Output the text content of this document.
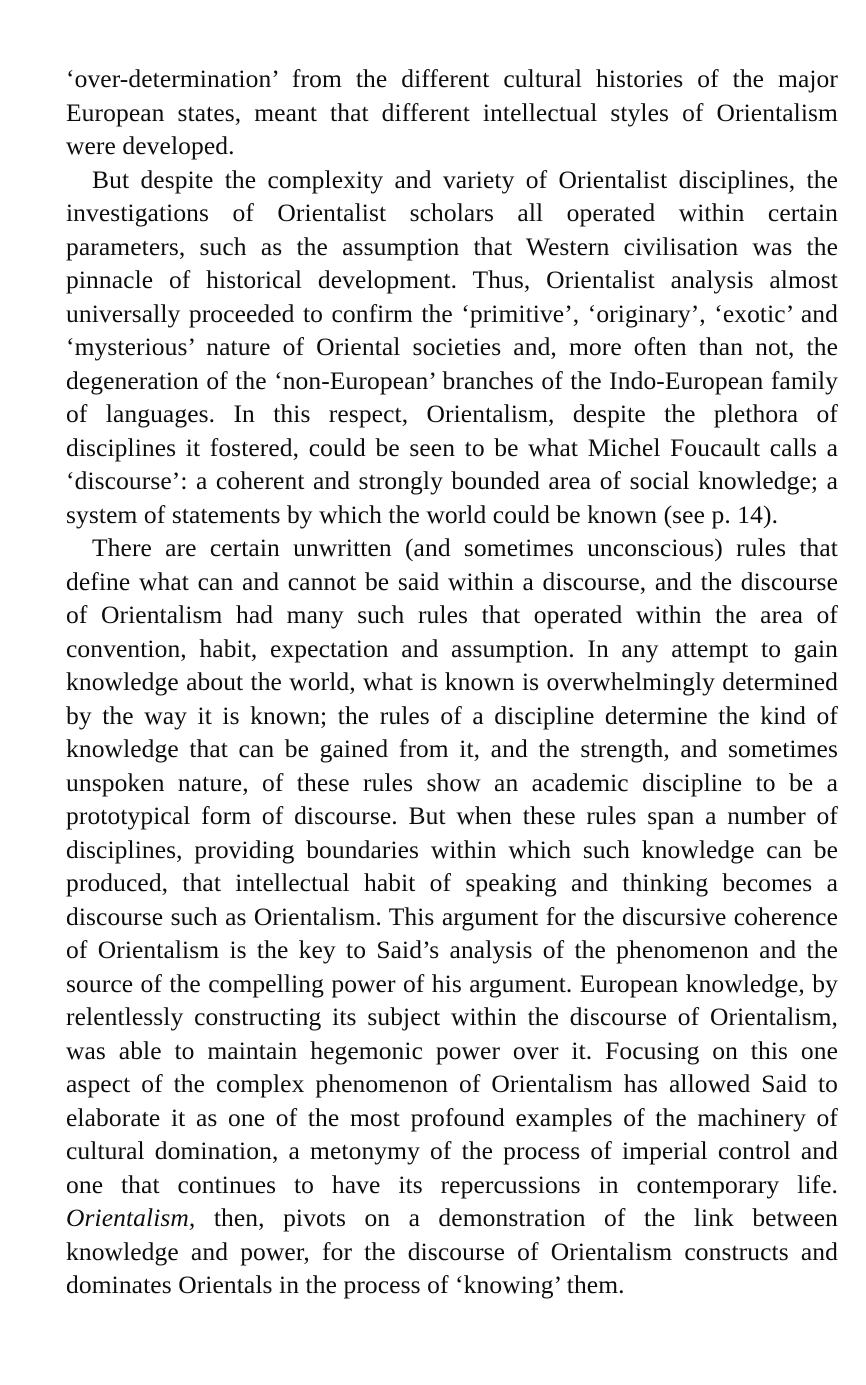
‘over-determination’ from the different cultural histories of the major European states, meant that different intellectual styles of Orientalism were developed.

But despite the complexity and variety of Orientalist disciplines, the investigations of Orientalist scholars all operated within certain parameters, such as the assumption that Western civilisation was the pinnacle of historical development. Thus, Orientalist analysis almost universally proceeded to confirm the ‘primitive’, ‘originary’, ‘exotic’ and ‘mysterious’ nature of Oriental societies and, more often than not, the degeneration of the ‘non-European’ branches of the Indo-European family of languages. In this respect, Orientalism, despite the plethora of disciplines it fostered, could be seen to be what Michel Foucault calls a ‘discourse’: a coherent and strongly bounded area of social knowledge; a system of statements by which the world could be known (see p. 14).

There are certain unwritten (and sometimes unconscious) rules that define what can and cannot be said within a discourse, and the discourse of Orientalism had many such rules that operated within the area of convention, habit, expectation and assumption. In any attempt to gain knowledge about the world, what is known is overwhelmingly determined by the way it is known; the rules of a discipline determine the kind of knowledge that can be gained from it, and the strength, and sometimes unspoken nature, of these rules show an academic discipline to be a prototypical form of discourse. But when these rules span a number of disciplines, providing boundaries within which such knowledge can be produced, that intellectual habit of speaking and thinking becomes a discourse such as Orientalism. This argument for the discursive coherence of Orientalism is the key to Said’s analysis of the phenomenon and the source of the compelling power of his argument. European knowledge, by relentlessly constructing its subject within the discourse of Orientalism, was able to maintain hegemonic power over it. Focusing on this one aspect of the complex phenomenon of Orientalism has allowed Said to elaborate it as one of the most profound examples of the machinery of cultural domination, a metonymy of the process of imperial control and one that continues to have its repercussions in contemporary life. Orientalism, then, pivots on a demonstration of the link between knowledge and power, for the discourse of Orientalism constructs and dominates Orientals in the process of ‘knowing’ them.
